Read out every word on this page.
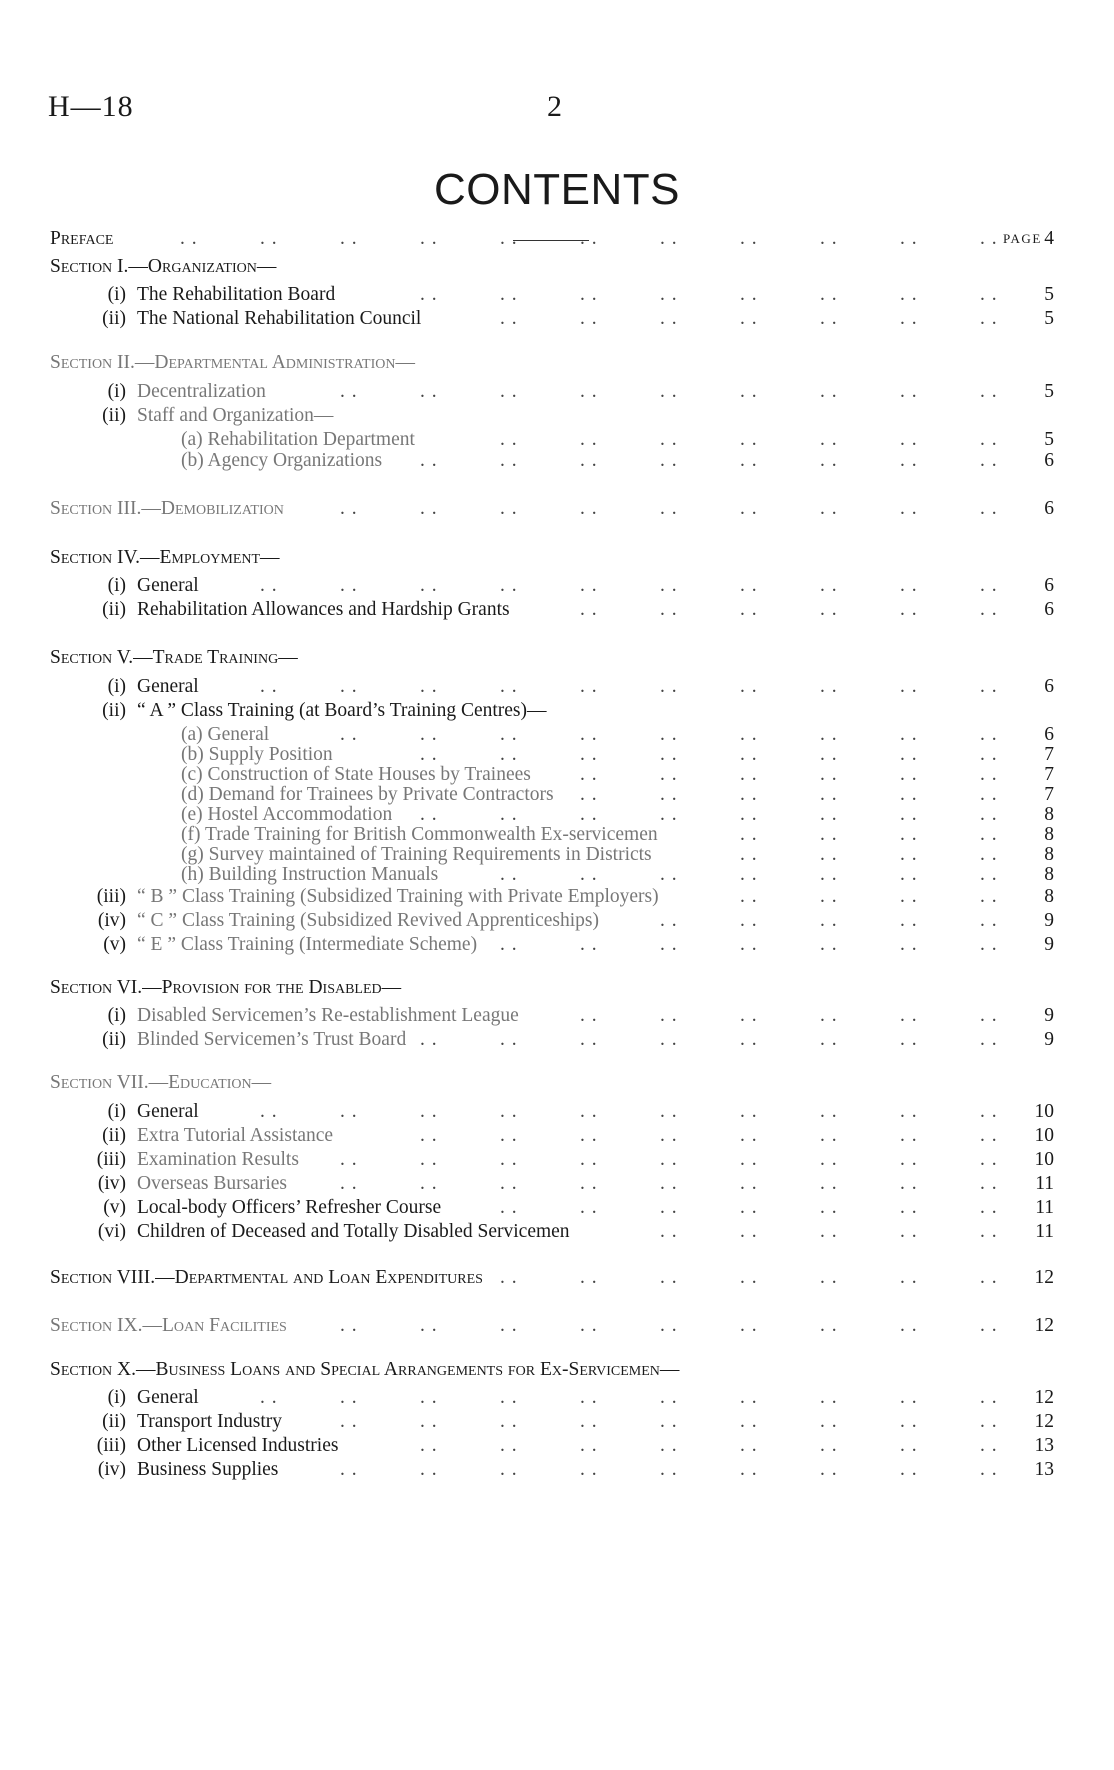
H—18	2
CONTENTS
PAGE
Preface	. .	. .	. .	. .	. .	. .	. .	. .	. .	. .	. . 4
Section I.—Organization—
(i) The Rehabilitation Board	. .	. .	. .	. .	. .	. .	. .	. . 5
(ii) The National Rehabilitation Council	. .	. .	. .	. .	. .	. .	. . 5
Section II.—Departmental Administration—
(i) Decentralization	. .	. .	. .	. .	. .	. .	. .	. .	. . 5
(ii) Staff and Organization—
(a) Rehabilitation Department	. .	. .	. .	. .	. .	. .	. . 5
(b) Agency Organizations . .	. .	. .	. .	. .	. .	. .	. . 6
Section III.—Demobilization	. .	. .	. .	. .	. .	. .	. .	. .	. . 6
Section IV.—Employment—
(i) General	. .	. .	. .	. .	. .	. .	. .	. .	. .	. . 6
(ii) Rehabilitation Allowances and Hardship Grants	. .	. .	. .	. .	. .	. . 6
Section V.—Trade Training—
(i) General	. .	. .	. .	. .	. .	. .	. .	. .	. .	. . 6
(ii) “ A ” Class Training (at Board’s Training Centres)—
(a) General	. .	. .	. .	. .	. .	. .	. .	. .	. . 6
(b) Supply Position	. .	. .	. .	. .	. .	. .	. .	. . 7
(c) Construction of State Houses by Trainees	. .	. .	. .	. .	. .	. . 7
(d) Demand for Trainees by Private Contractors . .	. .	. .	. .	. .	. . 7
(e) Hostel Accommodation . .	. .	. .	. .	. .	. .	. .	. . 8
(f) Trade Training for British Commonwealth Ex-servicemen	. .	. .	. .	. . 8
(g) Survey maintained of Training Requirements in Districts	. .	. .	. .	. . 8
(h) Building Instruction Manuals	. .	. .	. .	. .	. .	. .	. . 8
(iii) “ B ” Class Training (Subsidized Training with Private Employers)	. .	. .	. .	. . 8
(iv) “ C ” Class Training (Subsidized Revived Apprenticeships)	. .	. .	. .	. .	. . 9
(v) “ E ” Class Training (Intermediate Scheme) . .	. .	. .	. .	. .	. .	. . 9
Section VI.—Provision for the Disabled—
(i) Disabled Servicemen’s Re-establishment League	. .	. .	. .	. .	. .	. . 9
(ii) Blinded Servicemen’s Trust Board . .	. .	. .	. .	. .	. .	. .	. . 9
Section VII.—Education—
(i) General	. .	. .	. .	. .	. .	. .	. .	. .	. .	. . 10
(ii) Extra Tutorial Assistance	. .	. .	. .	. .	. .	. .	. .	. . 10
(iii) Examination Results . .	. .	. .	. .	. .	. .	. .	. .	. . 10
(iv) Overseas Bursaries	. .	. .	. .	. .	. .	. .	. .	. .	. . 11
(v) Local-body Officers’ Refresher Course	. .	. .	. .	. .	. .	. .	. . 11
(vi) Children of Deceased and Totally Disabled Servicemen	. .	. .	. .	. .	. . 11
Section VIII.—Departmental and Loan Expenditures . .	. .	. .	. .	. .	. .	. . 12
Section IX.—Loan Facilities	. .	. .	. .	. .	. .	. .	. .	. .	. . 12
Section X.—Business Loans and Special Arrangements for Ex-Servicemen—
(i) General	. .	. .	. .	. .	. .	. .	. .	. .	. .	. . 12
(ii) Transport Industry	. .	. .	. .	. .	. .	. .	. .	. .	. . 12
(iii) Other Licensed Industries	. .	. .	. .	. .	. .	. .	. .	. . 13
(iv) Business Supplies	. .	. .	. .	. .	. .	. .	. .	. .	. . 13
